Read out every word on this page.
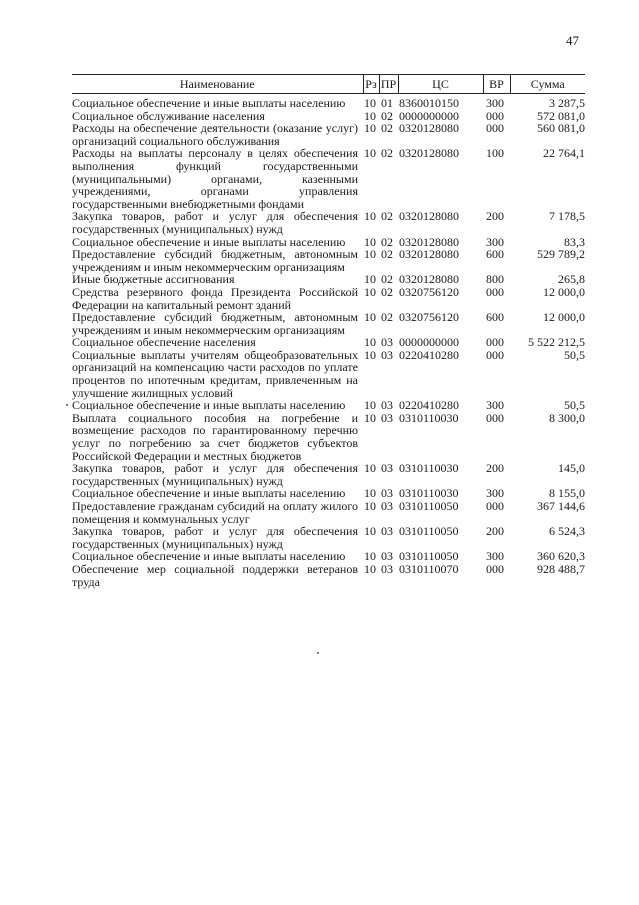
47
Наименование	Рз	ПР	ЦС	ВР	Сумма
Социальное обеспечение и иные выплаты населению	10	01	8360010150	300	3 287,5
Социальное обслуживание населения	10	02	0000000000	000	572 081,0
Расходы на обеспечение деятельности (оказание услуг) организаций социального обслуживания	10	02	0320128080	000	560 081,0
Расходы на выплаты персоналу в целях обеспечения выполнения функций государственными (муниципальными) органами, казенными учреждениями, органами управления государственными внебюджетными фондами	10	02	0320128080	100	22 764,1
Закупка товаров, работ и услуг для обеспечения государственных (муниципальных) нужд	10	02	0320128080	200	7 178,5
Социальное обеспечение и иные выплаты населению	10	02	0320128080	300	83,3
Предоставление субсидий бюджетным, автономным учреждениям и иным некоммерческим организациям	10	02	0320128080	600	529 789,2
Иные бюджетные ассигнования	10	02	0320128080	800	265,8
Средства резервного фонда Президента Российской Федерации на капитальный ремонт зданий	10	02	0320756120	000	12 000,0
Предоставление субсидий бюджетным, автономным учреждениям и иным некоммерческим организациям	10	02	0320756120	600	12 000,0
Социальное обеспечение населения	10	03	0000000000	000	5 522 212,5
Социальные выплаты учителям общеобразовательных организаций на компенсацию части расходов по уплате процентов по ипотечным кредитам, привлеченным на улучшение жилищных условий	10	03	0220410280	000	50,5
Социальное обеспечение и иные выплаты населению	10	03	0220410280	300	50,5
Выплата социального пособия на погребение и возмещение расходов по гарантированному перечню услуг по погребению за счет бюджетов субъектов Российской Федерации и местных бюджетов	10	03	0310110030	000	8 300,0
Закупка товаров, работ и услуг для обеспечения государственных (муниципальных) нужд	10	03	0310110030	200	145,0
Социальное обеспечение и иные выплаты населению	10	03	0310110030	300	8 155,0
Предоставление гражданам субсидий на оплату жилого помещения и коммунальных услуг	10	03	0310110050	000	367 144,6
Закупка товаров, работ и услуг для обеспечения государственных (муниципальных) нужд	10	03	0310110050	200	6 524,3
Социальное обеспечение и иные выплаты населению	10	03	0310110050	300	360 620,3
Обеспечение мер социальной поддержки ветеранов труда	10	03	0310110070	000	928 488,7
